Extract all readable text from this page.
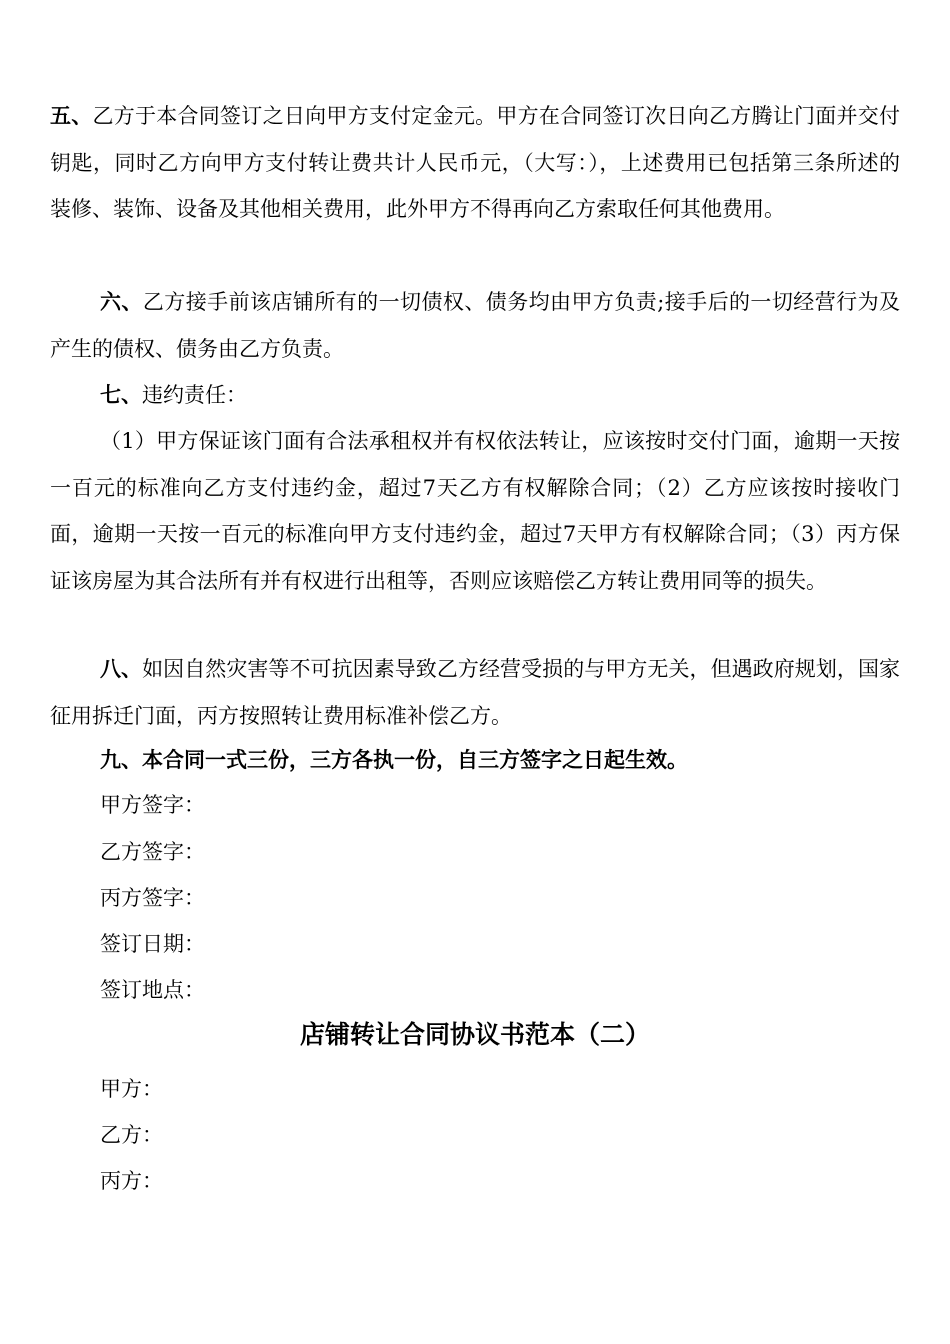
五、乙方于本合同签订之日向甲方支付定金元。甲方在合同签订次日向乙方腾让门面并交付钥匙，同时乙方向甲方支付转让费共计人民币元，（大写：），上述费用已包括第三条所述的装修、装饰、设备及其他相关费用，此外甲方不得再向乙方索取任何其他费用。

六、乙方接手前该店铺所有的一切债权、债务均由甲方负责;接手后的一切经营行为及产生的债权、债务由乙方负责。

七、违约责任：

（1）甲方保证该门面有合法承租权并有权依法转让，应该按时交付门面，逾期一天按一百元的标准向乙方支付违约金，超过7天乙方有权解除合同；（2）乙方应该按时接收门面，逾期一天按一百元的标准向甲方支付违约金，超过7天甲方有权解除合同；（3）丙方保证该房屋为其合法所有并有权进行出租等，否则应该赔偿乙方转让费用同等的损失。

八、如因自然灾害等不可抗因素导致乙方经营受损的与甲方无关，但遇政府规划，国家征用拆迁门面，丙方按照转让费用标准补偿乙方。

九、本合同一式三份，三方各执一份，自三方签字之日起生效。
甲方签字：
乙方签字：
丙方签字：
签订日期：
签订地点：
店铺转让合同协议书范本（二）
甲方：
乙方：
丙方：
